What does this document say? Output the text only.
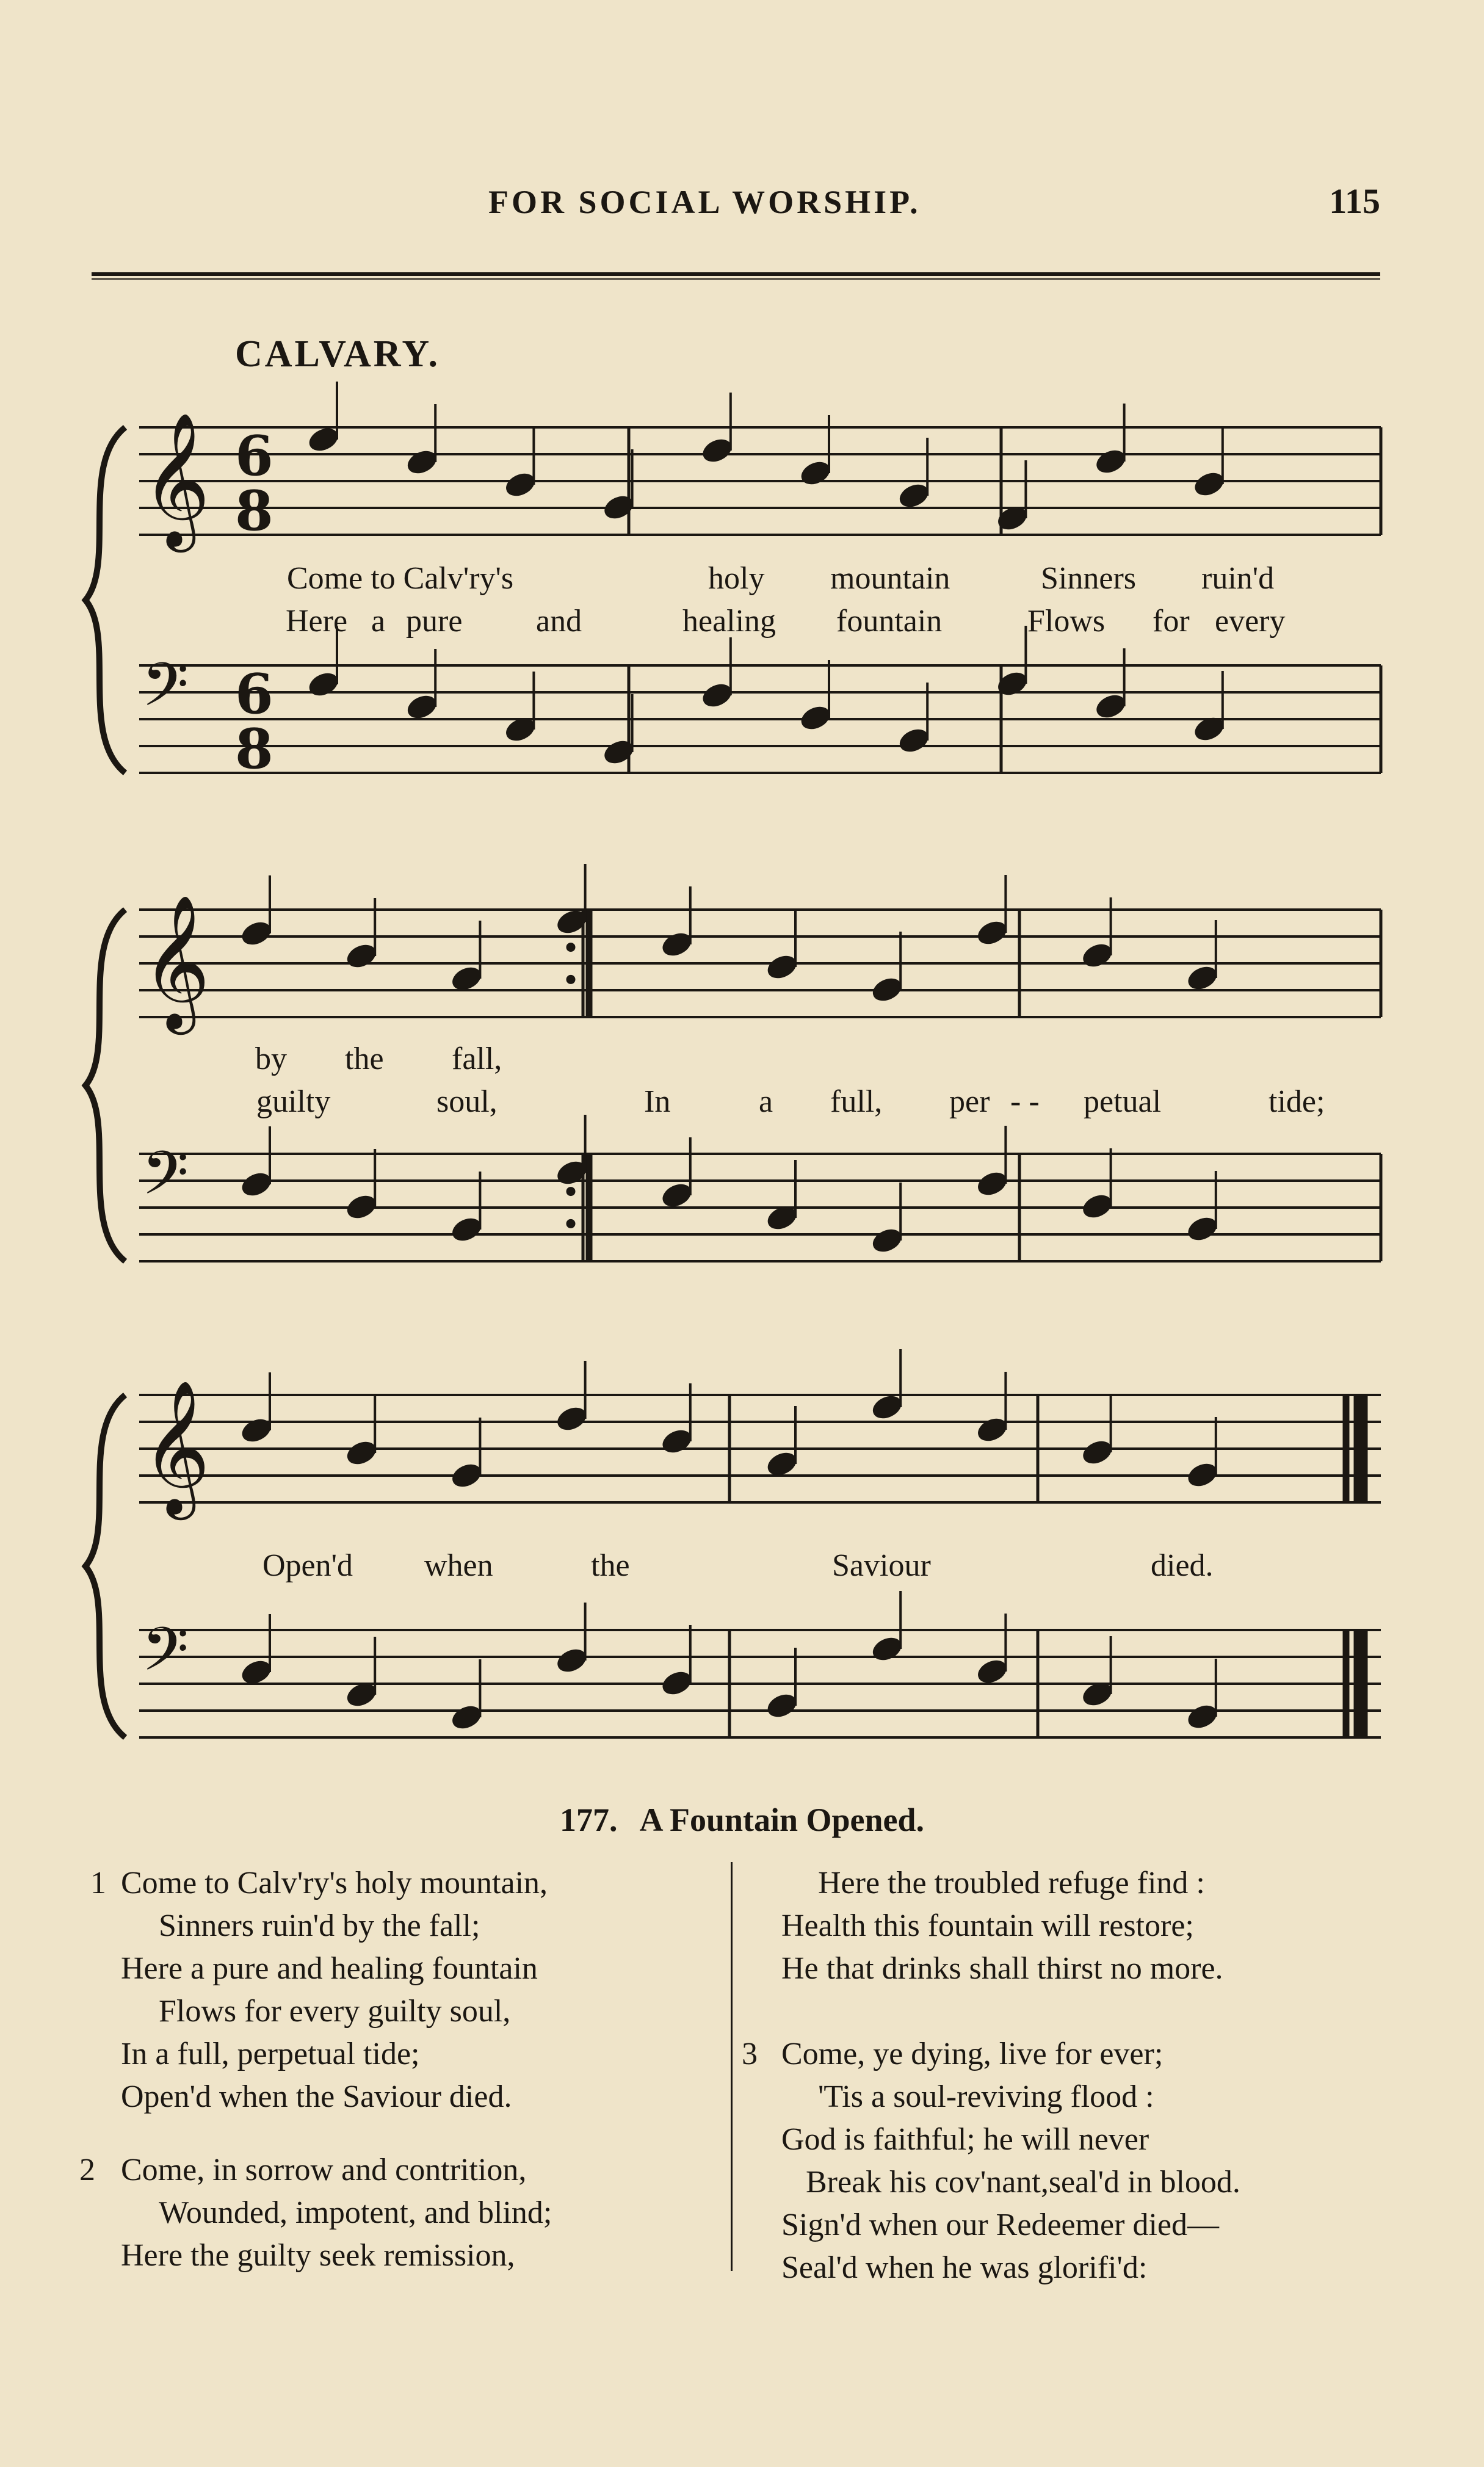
FOR SOCIAL WORSHIP.	115
CALVARY.
𝄞 6
8
𝄢 6
8
𝄞
𝄢
𝄞
𝄢
Come to Calv'ry's	holy mountain	Sinners ruin'd
Here a pure and	healing fountain	Flows for every
by the fall,
guilty	soul,	In	a full, per - - petual	tide;
Open'd when	the	Saviour	died.
177. A Fountain Opened.
1 Come to Calv'ry's holy mountain,
Sinners ruin'd by the fall;
Here a pure and healing fountain
Flows for every guilty soul,
In a full, perpetual tide;
Open'd when the Saviour died.
2 Come, in sorrow and contrition,
Wounded, impotent, and blind;
Here the guilty seek remission,
Here the troubled refuge find :
Health this fountain will restore;
He that drinks shall thirst no more.
3 Come, ye dying, live for ever;
'Tis a soul-reviving flood :
God is faithful; he will never
Break his cov'nant,seal'd in blood.
Sign'd when our Redeemer died—
Seal'd when he was glorifi'd:
